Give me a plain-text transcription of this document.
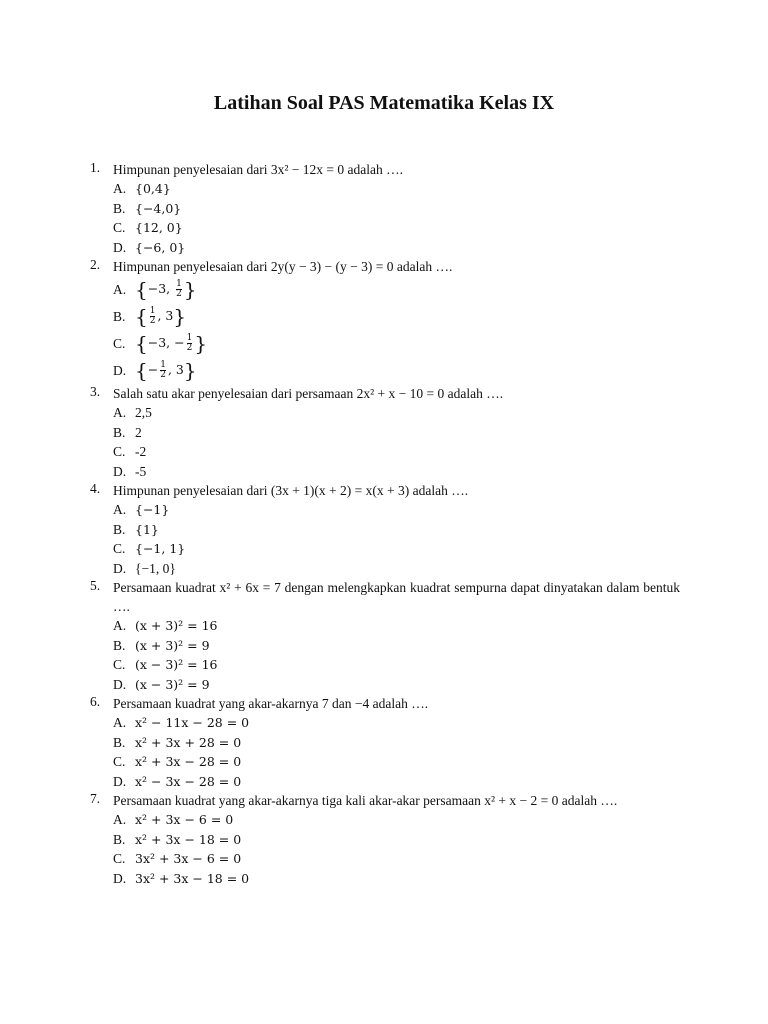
Latihan Soal PAS Matematika Kelas IX
1. Himpunan penyelesaian dari 3x² − 12x = 0 adalah ….
A. {0,4}
B. {−4,0}
C. {12, 0}
D. {−6, 0}
2. Himpunan penyelesaian dari 2y(y − 3) − (y − 3) = 0 adalah ….
A. {−3, $\frac{1}{2}$ }
B. { $\frac{1}{2}$ , 3}
C. {−3, − $\frac{1}{2}$ }
D. {− $\frac{1}{2}$ , 3}
3. Salah satu akar penyelesaian dari persamaan 2x² + x − 10 = 0 adalah ….
A. 2,5
B. 2
C. -2
D. -5
4. Himpunan penyelesaian dari (3x + 1)(x + 2) = x(x + 3) adalah ….
A. {−1}
B. {1}
C. {−1, 1}
D. {−1, 0}
5. Persamaan kuadrat x² + 6x = 7 dengan melengkapkan kuadrat sempurna dapat dinyatakan dalam bentuk ….
A. (x + 3)² = 16
B. (x + 3)² = 9
C. (x − 3)² = 16
D. (x − 3)² = 9
6. Persamaan kuadrat yang akar-akarnya 7 dan −4 adalah ….
A. x² − 11x − 28 = 0
B. x² + 3x + 28 = 0
C. x² + 3x − 28 = 0
D. x² − 3x − 28 = 0
7. Persamaan kuadrat yang akar-akarnya tiga kali akar-akar persamaan x² + x − 2 = 0 adalah ….
A. x² + 3x − 6 = 0
B. x² + 3x − 18 = 0
C. 3x² + 3x − 6 = 0
D. 3x² + 3x − 18 = 0
